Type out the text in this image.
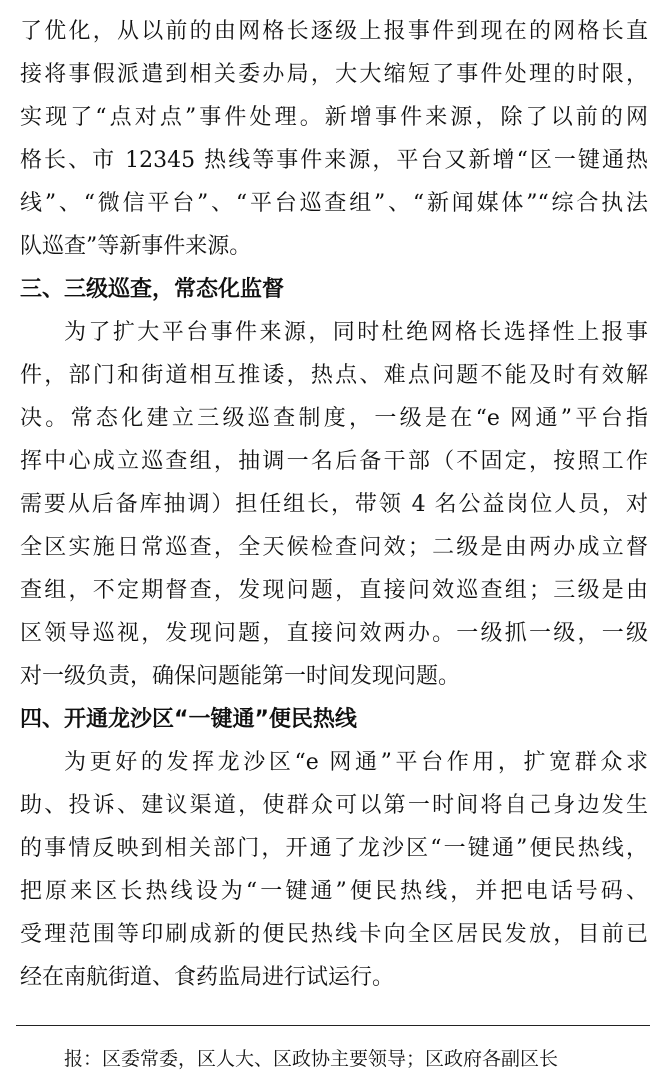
了优化，从以前的由网格长逐级上报事件到现在的网格长直
接将事假派遣到相关委办局，大大缩短了事件处理的时限，
实现了“点对点”事件处理。新增事件来源，除了以前的网
格长、市 12345 热线等事件来源，平台又新增“区一键通热
线”、“微信平台”、“平台巡查组”、“新闻媒体”“综合执法
队巡查”等新事件来源。
三、三级巡查，常态化监督
为了扩大平台事件来源，同时杜绝网格长选择性上报事
件，部门和街道相互推诿，热点、难点问题不能及时有效解
决。常态化建立三级巡查制度，一级是在“e 网通”平台指
挥中心成立巡查组，抽调一名后备干部（不固定，按照工作
需要从后备库抽调）担任组长，带领 4 名公益岗位人员，对
全区实施日常巡查，全天候检查问效；二级是由两办成立督
查组，不定期督查，发现问题，直接问效巡查组；三级是由
区领导巡视，发现问题，直接问效两办。一级抓一级，一级
对一级负责，确保问题能第一时间发现问题。
四、开通龙沙区“一键通”便民热线
为更好的发挥龙沙区“e 网通”平台作用，扩宽群众求
助、投诉、建议渠道，使群众可以第一时间将自己身边发生
的事情反映到相关部门，开通了龙沙区“一键通”便民热线，
把原来区长热线设为“一键通”便民热线，并把电话号码、
受理范围等印刷成新的便民热线卡向全区居民发放，目前已
经在南航街道、食药监局进行试运行。
报：区委常委，区人大、区政协主要领导；区政府各副区长
